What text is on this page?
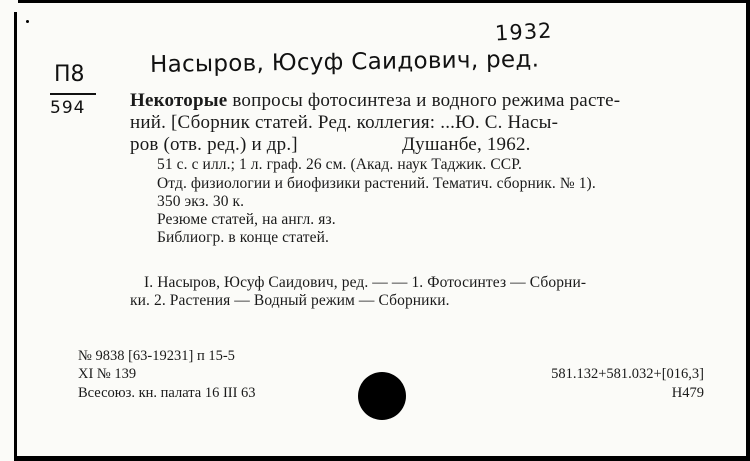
1932
П8
594
Насыров, Юсуф Саидович, ред.
Некоторые вопросы фотосинтеза и водного режима расте-
ний. [Сборник статей. Ред. коллегия: ...Ю. С. Насы-
ров (отв. ред.) и др.]	Душанбе, 1962.
51 с. с илл.; 1 л. граф. 26 см. (Акад. наук Таджик. ССР.
Отд. физиологии и биофизики растений. Тематич. сборник. № 1).
350 экз. 30 к.
Резюме статей, на англ. яз.
Библиогр. в конце статей.
I. Насыров, Юсуф Саидович, ред. — — 1. Фотосинтез — Сборни-
ки. 2. Растения — Водный режим — Сборники.
№ 9838 [63-19231] п 15-5
XI № 139
Всесоюз. кн. палата 16 III 63
581.132+581.032+[016,3]
H479
